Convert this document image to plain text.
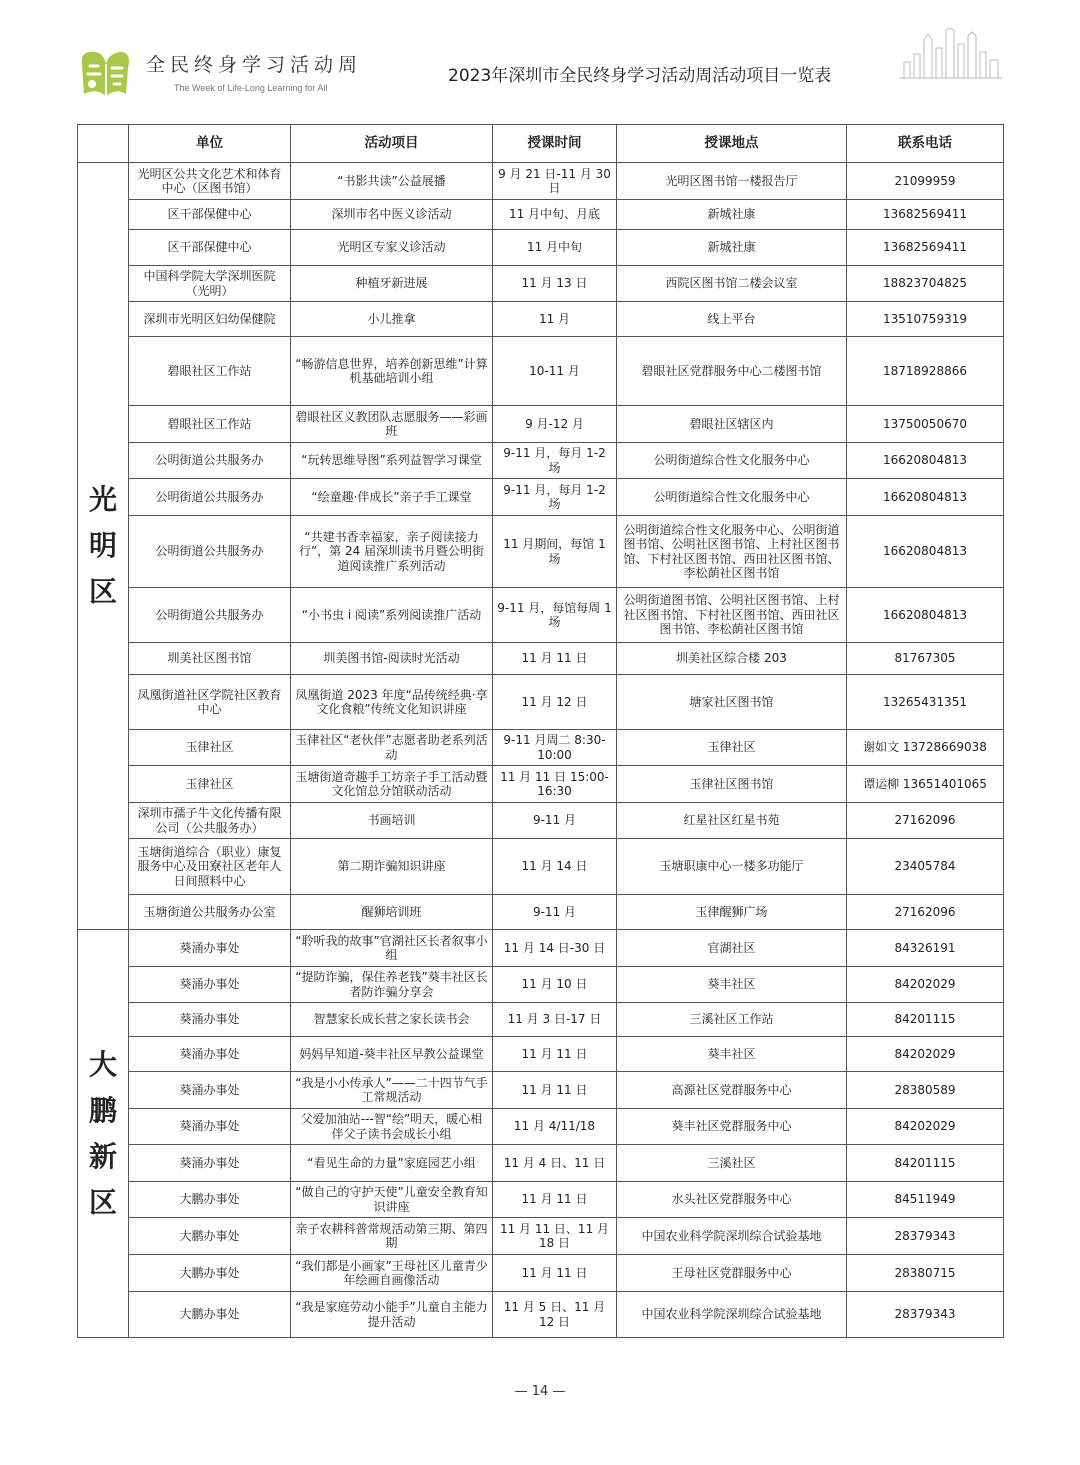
全民终身学习活动周
The Week of Life-Long Learning for All
2023年深圳市全民终身学习活动周活动项目一览表
	单位	活动项目	授课时间	授课地点	联系电话
光
明
区	光明区公共文化艺术和体育中心（区图书馆）	“书影共读”公益展播	9 月 21 日-11 月 30 日	光明区图书馆一楼报告厅	21099959
	区干部保健中心	深圳市名中医义诊活动	11 月中旬、月底	新城社康	13682569411
	区干部保健中心	光明区专家义诊活动	11 月中旬	新城社康	13682569411
	中国科学院大学深圳医院（光明）	种植牙新进展	11 月 13 日	西院区图书馆二楼会议室	18823704825
	深圳市光明区妇幼保健院	小儿推拿	11 月	线上平台	13510759319
	碧眼社区工作站	“畅游信息世界，培养创新思维”计算机基础培训小组	10-11 月	碧眼社区党群服务中心二楼图书馆	18718928866
	碧眼社区工作站	碧眼社区义教团队志愿服务——彩画班	9 月-12 月	碧眼社区辖区内	13750050670
	公明街道公共服务办	“玩转思维导图”系列益智学习课堂	9-11 月，每月 1-2 场	公明街道综合性文化服务中心	16620804813
	公明街道公共服务办	“绘童趣·伴成长”亲子手工课堂	9-11 月，每月 1-2 场	公明街道综合性文化服务中心	16620804813
	公明街道公共服务办	“共建书香幸福家，亲子阅读接力行”，第 24 届深圳读书月暨公明街道阅读推广系列活动	11 月期间，每馆 1 场	公明街道综合性文化服务中心、公明街道图书馆、公明社区图书馆、上村社区图书馆、下村社区图书馆、西田社区图书馆、李松蓢社区图书馆	16620804813
	公明街道公共服务办	“小书虫 i 阅读”系列阅读推广活动	9-11 月，每馆每周 1 场	公明街道图书馆、公明社区图书馆、上村社区图书馆、下村社区图书馆、西田社区图书馆、李松蓢社区图书馆	16620804813
	圳美社区图书馆	圳美图书馆-阅读时光活动	11 月 11 日	圳美社区综合楼 203	81767305
	凤凰街道社区学院社区教育中心	凤凰街道 2023 年度“品传统经典·享文化食粮”传统文化知识讲座	11 月 12 日	塘家社区图书馆	13265431351
	玉律社区	玉律社区“老伙伴”志愿者助老系列活动	9-11 月周二 8:30-10:00	玉律社区	谢如文 13728669038
	玉律社区	玉塘街道奇趣手工坊亲子手工活动暨文化馆总分馆联动活动	11 月 11 日 15:00-16:30	玉律社区图书馆	谭运柳 13651401065
	深圳市孺子牛文化传播有限公司（公共服务办）	书画培训	9-11 月	红星社区红星书苑	27162096
	玉塘街道综合（职业）康复服务中心及田寮社区老年人日间照料中心	第二期诈骗知识讲座	11 月 14 日	玉塘职康中心一楼多功能厅	23405784
	玉塘街道公共服务办公室	醒狮培训班	9-11 月	玉律醒狮广场	27162096
大
鹏
新
区	葵涌办事处	“聆听我的故事”官湖社区长者叙事小组	11 月 14 日-30 日	官湖社区	84326191
	葵涌办事处	“提防诈骗，保住养老钱”葵丰社区长者防诈骗分享会	11 月 10 日	葵丰社区	84202029
	葵涌办事处	智慧家长成长营之家长读书会	11 月 3 日-17 日	三溪社区工作站	84201115
	葵涌办事处	妈妈早知道-葵丰社区早教公益课堂	11 月 11 日	葵丰社区	84202029
	葵涌办事处	“我是小小传承人”——二十四节气手工常规活动	11 月 11 日	高源社区党群服务中心	28380589
	葵涌办事处	父爱加油站---智“绘”明天，暖心相伴父子读书会成长小组	11 月 4/11/18	葵丰社区党群服务中心	84202029
	葵涌办事处	“看见生命的力量”家庭园艺小组	11 月 4 日、11 日	三溪社区	84201115
	大鹏办事处	“做自己的守护天使”儿童安全教育知识讲座	11 月 11 日	水头社区党群服务中心	84511949
	大鹏办事处	亲子农耕科普常规活动第三期、第四期	11 月 11 日、11 月 18 日	中国农业科学院深圳综合试验基地	28379343
	大鹏办事处	“我们都是小画家”王母社区儿童青少年绘画自画像活动	11 月 11 日	王母社区党群服务中心	28380715
	大鹏办事处	“我是家庭劳动小能手”儿童自主能力提升活动	11 月 5 日、11 月 12 日	中国农业科学院深圳综合试验基地	28379343
— 14 —
